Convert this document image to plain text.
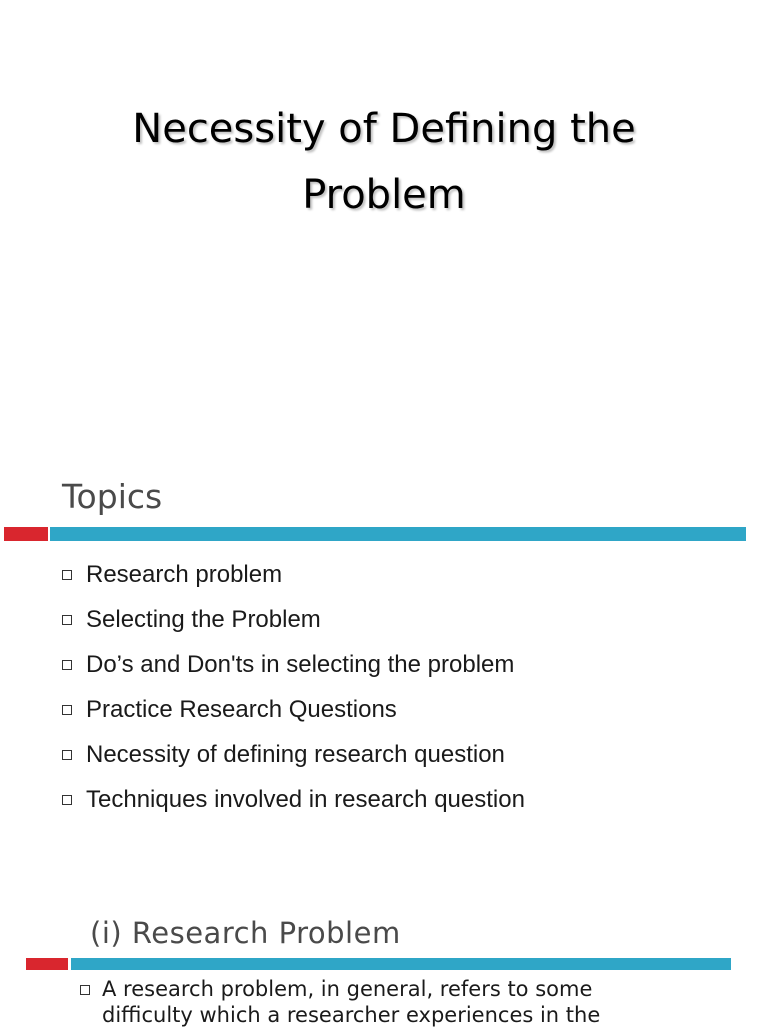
Necessity of Defining the
Problem
Topics
Research problem
Selecting the Problem
Do’s and Don'ts in selecting the problem
Practice Research Questions
Necessity of defining research question
Techniques involved in research question
(i) Research Problem
A research problem, in general, refers to some
difficulty which a researcher experiences in the
